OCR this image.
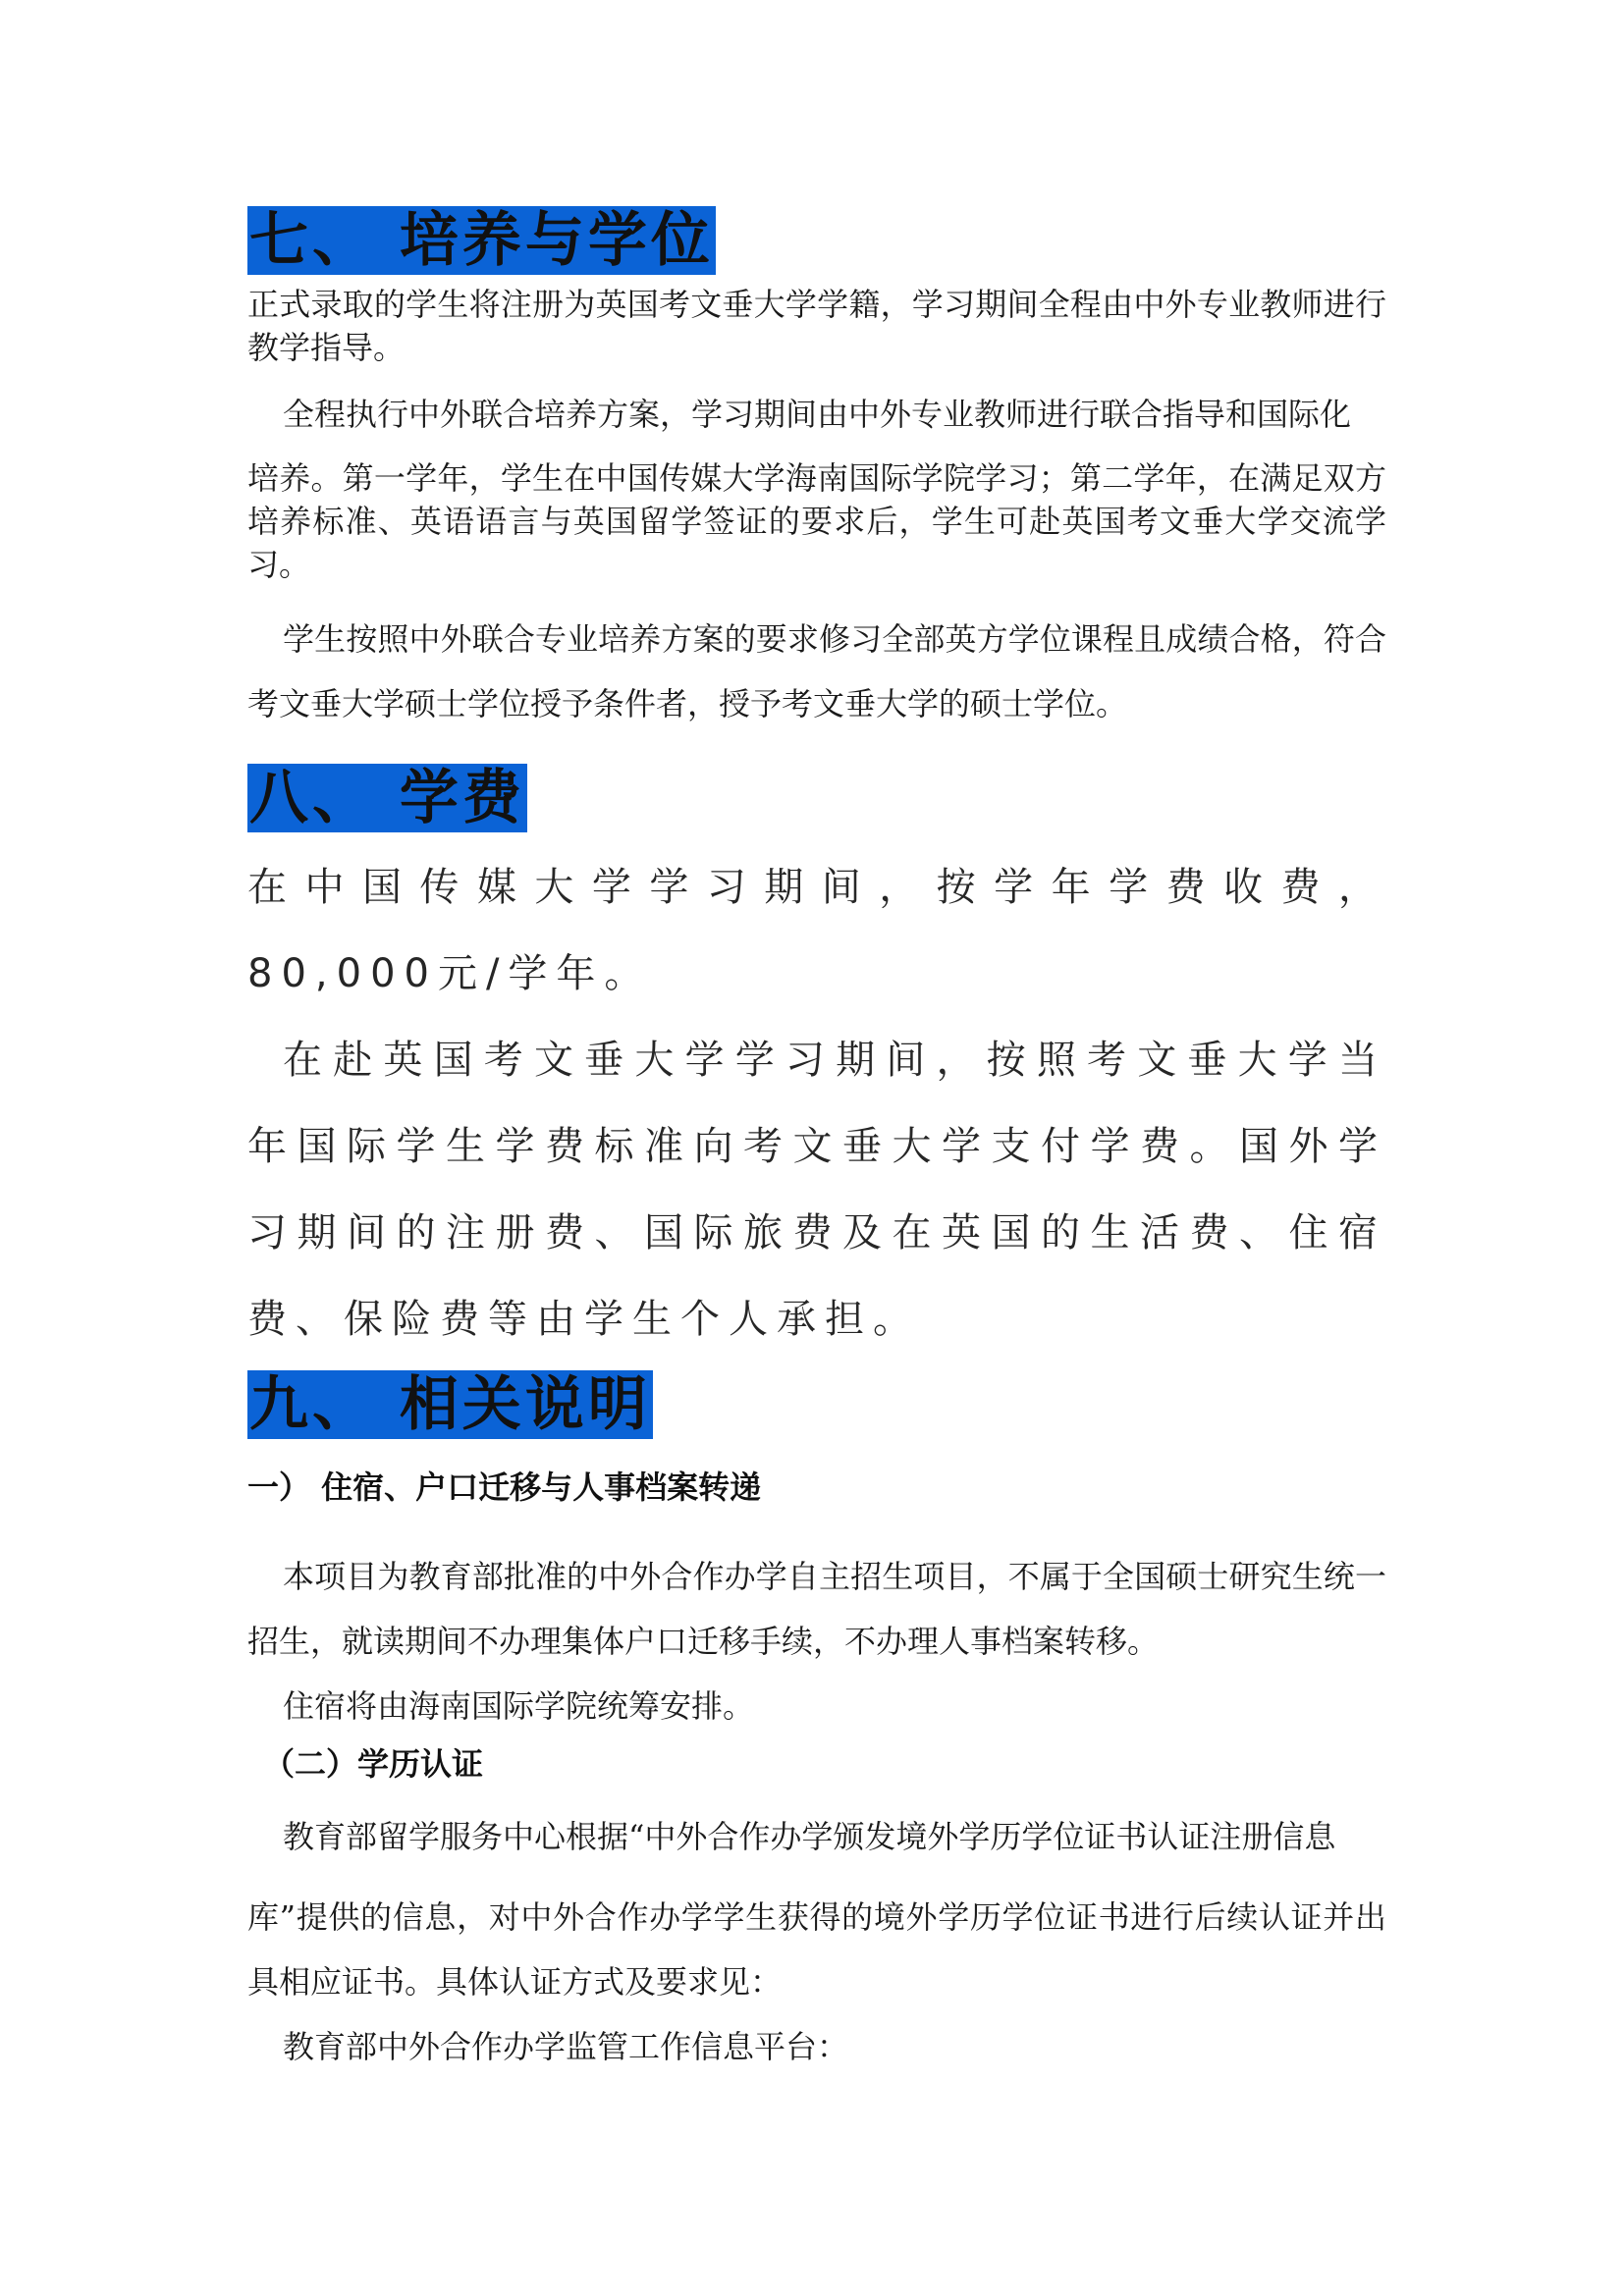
七、 培养与学位

正式录取的学生将注册为英国考文垂大学学籍，学习期间全程由中外专业教师进行教学指导。

全程执行中外联合培养方案，学习期间由中外专业教师进行联合指导和国际化

培养。第一学年，学生在中国传媒大学海南国际学院学习；第二学年，在满足双方培养标准、英语语言与英国留学签证的要求后，学生可赴英国考文垂大学交流学习。

学生按照中外联合专业培养方案的要求修习全部英方学位课程且成绩合格，符合考文垂大学硕士学位授予条件者，授予考文垂大学的硕士学位。

八、 学费

在中国传媒大学学习期间，按学年学费收费，80,000元/学年。

在赴英国考文垂大学学习期间，按照考文垂大学当年国际学生学费标准向考文垂大学支付学费。国外学习期间的注册费、国际旅费及在英国的生活费、住宿费、保险费等由学生个人承担。

九、 相关说明
一） 住宿、户口迁移与人事档案转递

本项目为教育部批准的中外合作办学自主招生项目，不属于全国硕士研究生统一招生，就读期间不办理集体户口迁移手续，不办理人事档案转移。

住宿将由海南国际学院统筹安排。

（二）学历认证

教育部留学服务中心根据“中外合作办学颁发境外学历学位证书认证注册信息

库”提供的信息，对中外合作办学学生获得的境外学历学位证书进行后续认证并出具相应证书。具体认证方式及要求见：

教育部中外合作办学监管工作信息平台：
